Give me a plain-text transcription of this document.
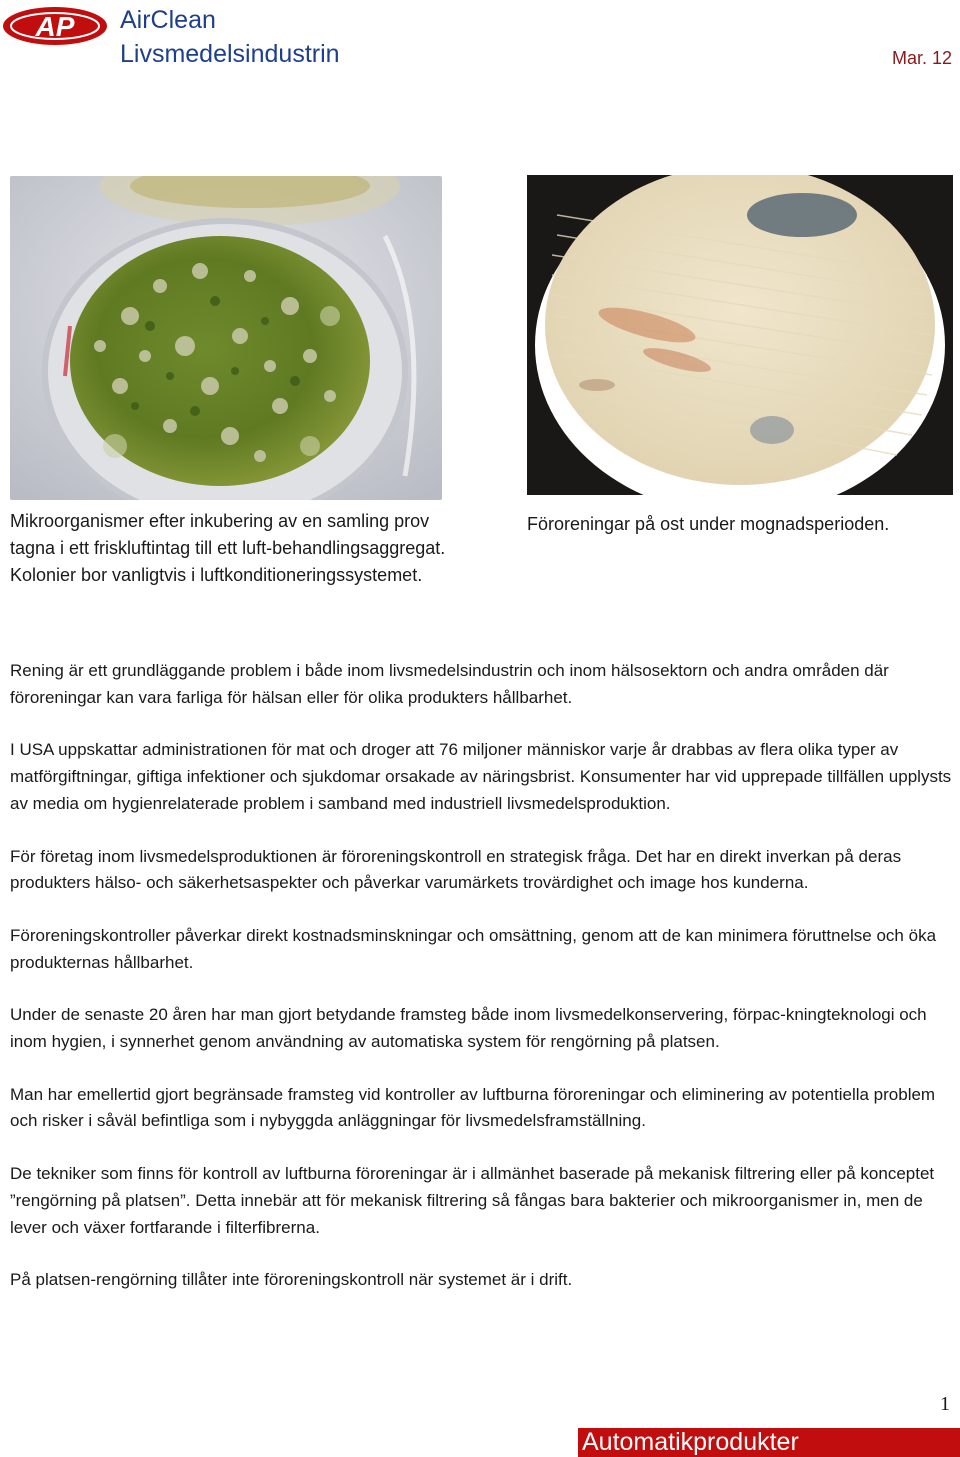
AP AirClean
Livsmedelsindustrin	Mar. 12
Mikroorganismer efter inkubering av en samling prov tagna i ett friskluftintag till ett luft-behandlingsaggregat. Kolonier bor vanligtvis i luftkonditioneringssystemet.
Föroreningar på ost under mognadsperioden.

Rening är ett grundläggande problem i både inom livsmedelsindustrin och inom hälsosektorn och andra områden där föroreningar kan vara farliga för hälsan eller för olika produkters hållbarhet.

I USA uppskattar administrationen för mat och droger att 76 miljoner människor varje år drabbas av flera olika typer av matförgiftningar, giftiga infektioner och sjukdomar orsakade av näringsbrist. Konsumenter har vid upprepade tillfällen upplysts av media om hygienrelaterade problem i samband med industriell livsmedelsproduktion.

För företag inom livsmedelsproduktionen är föroreningskontroll en strategisk fråga. Det har en direkt inverkan på deras produkters hälso- och säkerhetsaspekter och påverkar varumärkets trovärdighet och image hos kunderna.

Föroreningskontroller påverkar direkt kostnadsminskningar och omsättning, genom att de kan minimera föruttnelse och öka produkternas hållbarhet.

Under de senaste 20 åren har man gjort betydande framsteg både inom livsmedelkonservering, förpac-kningteknologi och inom hygien, i synnerhet genom användning av automatiska system för rengörning på platsen.

Man har emellertid gjort begränsade framsteg vid kontroller av luftburna föroreningar och eliminering av potentiella problem och risker i såväl befintliga som i nybyggda anläggningar för livsmedelsframställning.

De tekniker som finns för kontroll av luftburna föroreningar är i allmänhet baserade på mekanisk filtrering eller på konceptet ”rengörning på platsen”. Detta innebär att för mekanisk filtrering så fångas bara bakterier och mikroorganismer in, men de lever och växer fortfarande i filterfibrerna.

På platsen-rengörning tillåter inte föroreningskontroll när systemet är i drift.

1
Automatikprodukter
